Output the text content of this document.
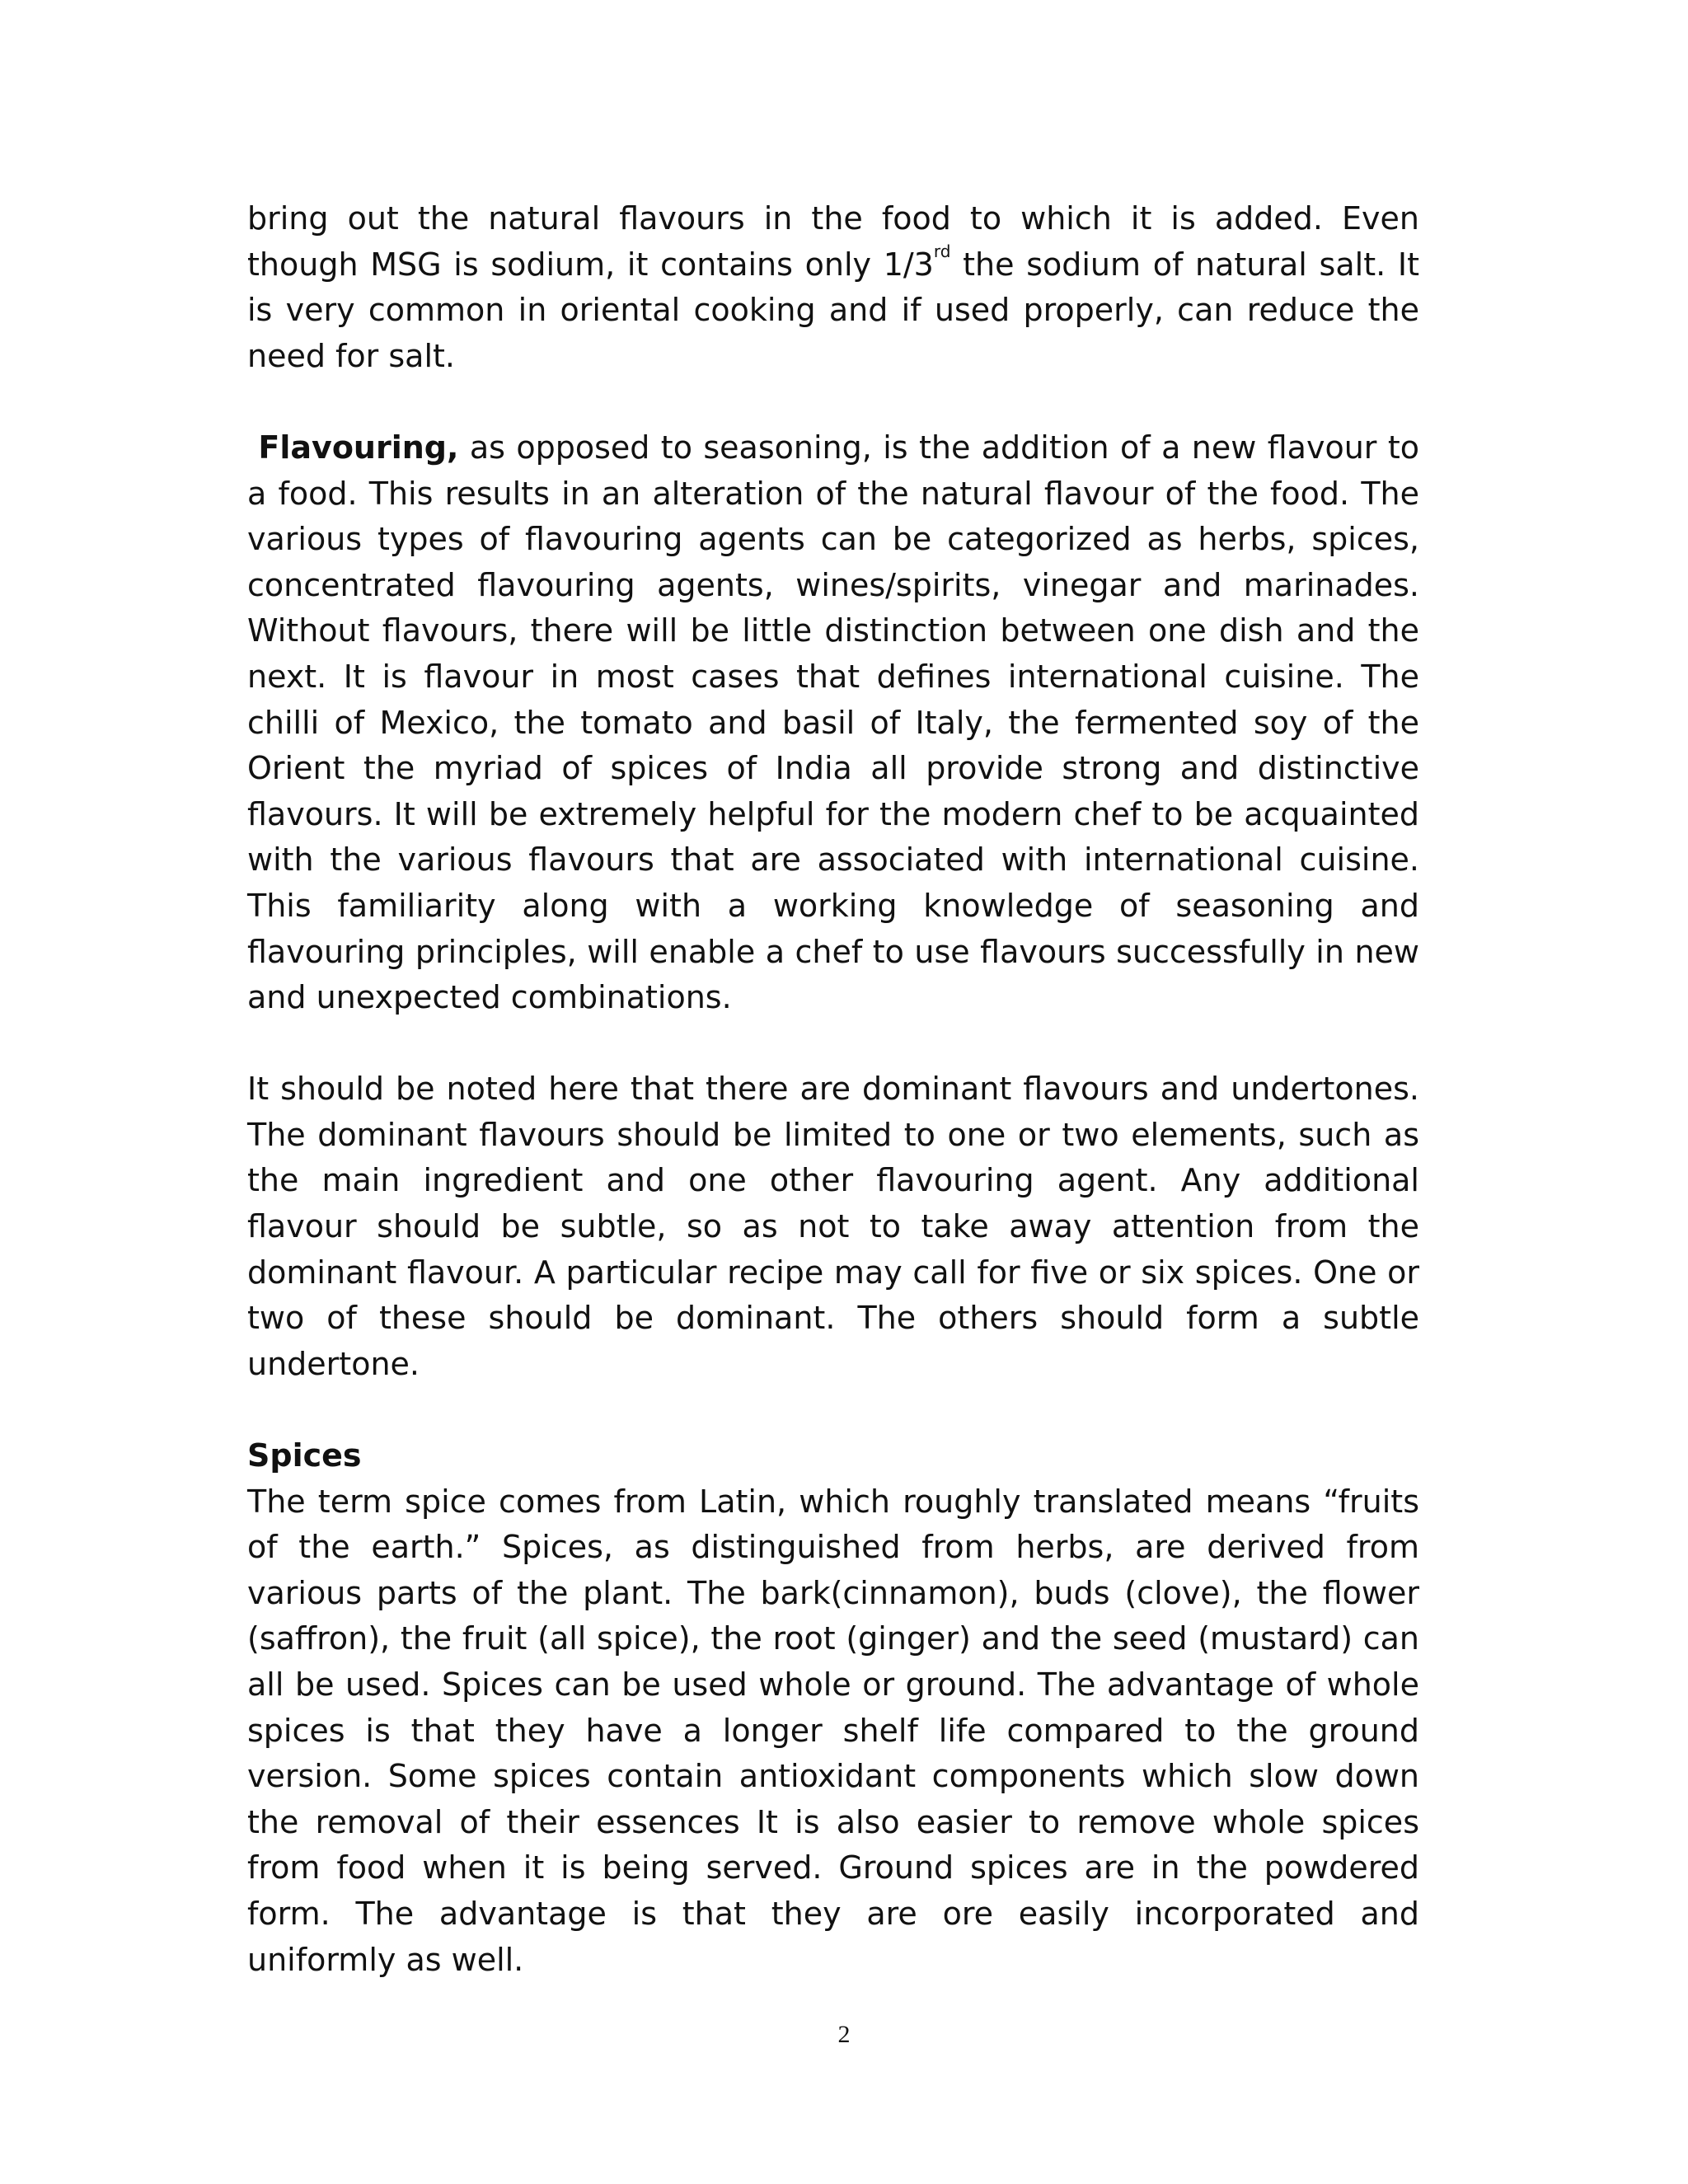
bring out the natural flavours in the food to which it is added. Even though MSG is sodium, it contains only 1/3rd the sodium of natural salt. It is very common in oriental cooking and if used properly, can reduce the need for salt.

Flavouring, as opposed to seasoning, is the addition of a new flavour to a food. This results in an alteration of the natural flavour of the food. The various types of flavouring agents can be categorized as herbs, spices, concentrated flavouring agents, wines/spirits, vinegar and marinades. Without flavours, there will be little distinction between one dish and the next. It is flavour in most cases that defines international cuisine. The chilli of Mexico, the tomato and basil of Italy, the fermented soy of the Orient the myriad of spices of India all provide strong and distinctive flavours. It will be extremely helpful for the modern chef to be acquainted with the various flavours that are associated with international cuisine. This familiarity along with a working knowledge of seasoning and flavouring principles, will enable a chef to use flavours successfully in new and unexpected combinations.

It should be noted here that there are dominant flavours and undertones. The dominant flavours should be limited to one or two elements, such as the main ingredient and one other flavouring agent. Any additional flavour should be subtle, so as not to take away attention from the dominant flavour. A particular recipe may call for five or six spices. One or two of these should be dominant. The others should form a subtle undertone.

Spices

The term spice comes from Latin, which roughly translated means “fruits of the earth.” Spices, as distinguished from herbs, are derived from various parts of the plant. The bark(cinnamon), buds (clove), the flower (saffron), the fruit (all spice), the root (ginger) and the seed (mustard) can all be used. Spices can be used whole or ground. The advantage of whole spices is that they have a longer shelf life compared to the ground version. Some spices contain antioxidant components which slow down the removal of their essences It is also easier to remove whole spices from food when it is being served. Ground spices are in the powdered form. The advantage is that they are ore easily incorporated and uniformly as well.

2
